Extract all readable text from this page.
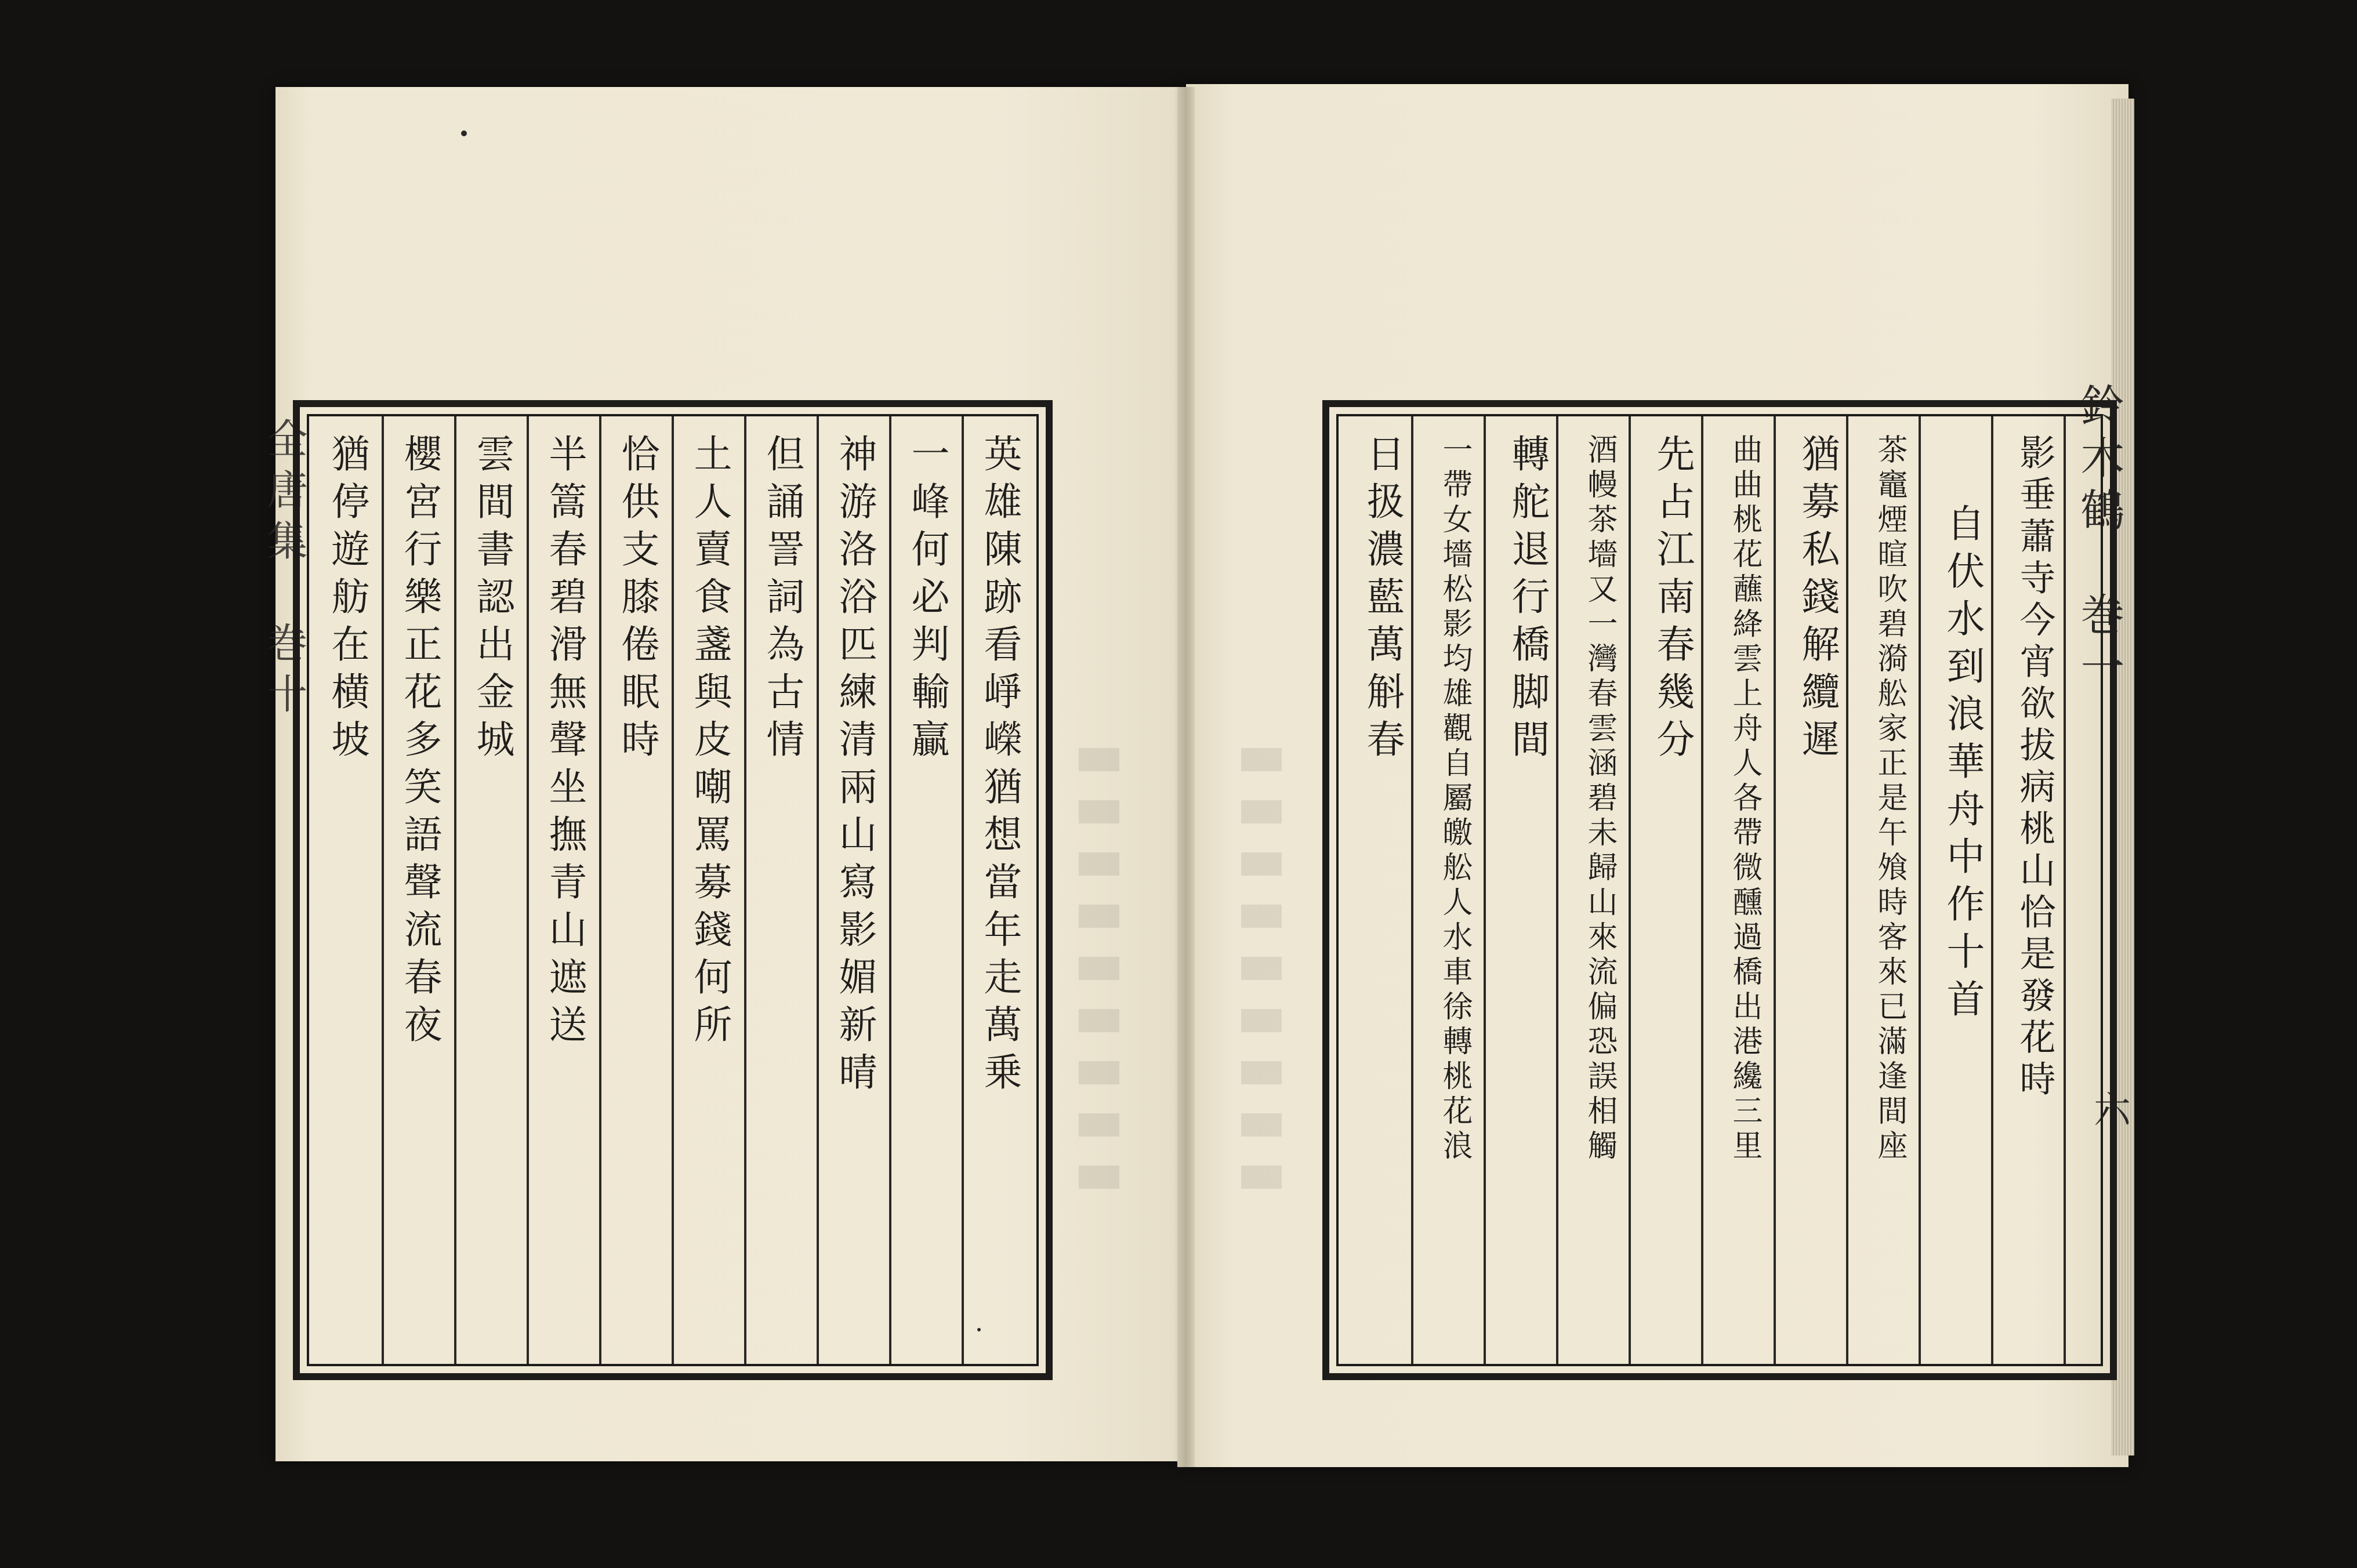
全唐集　巻十	鈴木鶴　巻一
六
英雄陳跡看崢嶸猶想當年走萬乗
一峰何必判輸贏
神游洛浴匹練清兩山寫影媚新晴
但誦詈詞為古情
土人賣食盞與皮嘲罵募錢何所
恰供支膝倦眠時
半篙春碧滑無聲坐撫青山遮送
雲間書認出金城
櫻宮行樂正花多笑語聲流春夜
猶停遊舫在横坡	影垂蕭寺今宵欲拔病桃山恰是發花時
自伏水到浪華舟中作十首
茶竈煙暄吹碧漪舩家正是午飧時客來已滿逢間座
猶募私錢解纜遲
曲曲桃花蘸絳雲上舟人各帶微醺過橋出港纔三里
先占江南春幾分
酒幔茶墻又一灣春雲涵碧未歸山來流偏恐誤相觸
轉舵退行橋脚間
一帶女墻松影均雄觀自屬皦舩人水車徐轉桃花浪
日扱濃藍萬斛春
